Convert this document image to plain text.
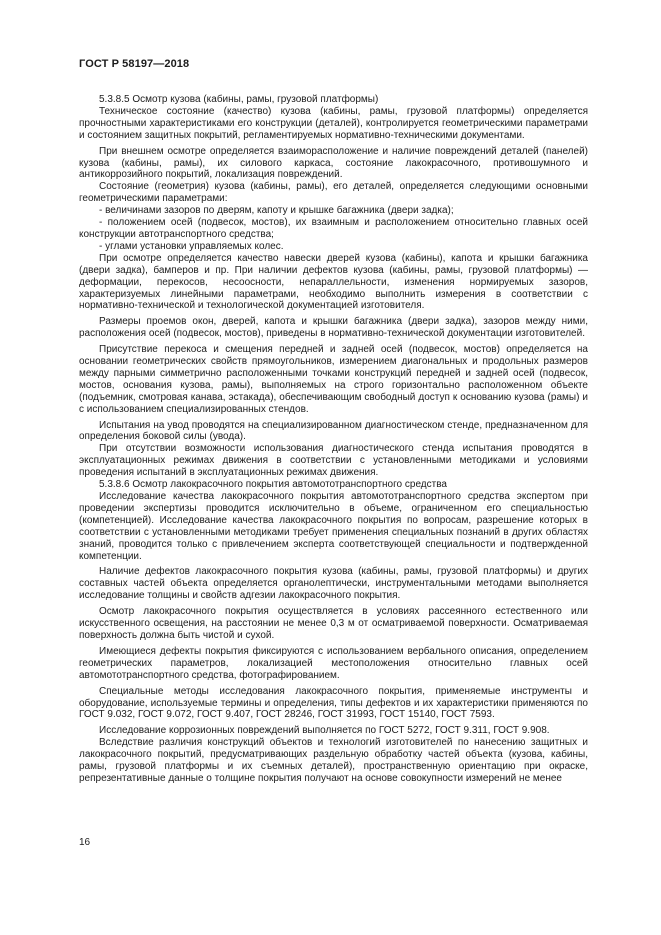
ГОСТ Р 58197—2018

5.3.8.5 Осмотр кузова (кабины, рамы, грузовой платформы)

Техническое состояние (качество) кузова (кабины, рамы, грузовой платформы) определяется прочностными характеристиками его конструкции (деталей), контролируется геометрическими параметрами и состоянием защитных покрытий, регламентируемых нормативно-техническими документами.

При внешнем осмотре определяется взаиморасположение и наличие повреждений деталей (панелей) кузова (кабины, рамы), их силового каркаса, состояние лакокрасочного, противошумного и антикоррозийного покрытий, локализация повреждений.

Состояние (геометрия) кузова (кабины, рамы), его деталей, определяется следующими основными геометрическими параметрами:

- величинами зазоров по дверям, капоту и крышке багажника (двери задка);

- положением осей (подвесок, мостов), их взаимным и расположением относительно главных осей конструкции автотранспортного средства;

- углами установки управляемых колес.

При осмотре определяется качество навески дверей кузова (кабины), капота и крышки багажника (двери задка), бамперов и пр. При наличии дефектов кузова (кабины, рамы, грузовой платформы) — деформации, перекосов, несоосности, непараллельности, изменения нормируемых зазоров, характеризуемых линейными параметрами, необходимо выполнить измерения в соответствии с нормативно-технической и технологической документацией изготовителя.

Размеры проемов окон, дверей, капота и крышки багажника (двери задка), зазоров между ними, расположения осей (подвесок, мостов), приведены в нормативно-технической документации изготовителей.

Присутствие перекоса и смещения передней и задней осей (подвесок, мостов) определяется на основании геометрических свойств прямоугольников, измерением диагональных и продольных размеров между парными симметрично расположенными точками конструкций передней и задней осей (подвесок, мостов, основания кузова, рамы), выполняемых на строго горизонтально расположенном объекте (подъемник, смотровая канава, эстакада), обеспечивающим свободный доступ к основанию кузова (рамы) и с использованием специализированных стендов.

Испытания на увод проводятся на специализированном диагностическом стенде, предназначенном для определения боковой силы (увода).

При отсутствии возможности использования диагностического стенда испытания проводятся в эксплуатационных режимах движения в соответствии с установленными методиками и условиями проведения испытаний в эксплуатационных режимах движения.

5.3.8.6 Осмотр лакокрасочного покрытия автомототранспортного средства

Исследование качества лакокрасочного покрытия автомототранспортного средства экспертом при проведении экспертизы проводится исключительно в объеме, ограниченном его специальностью (компетенцией). Исследование качества лакокрасочного покрытия по вопросам, разрешение которых в соответствии с установленными методиками требует применения специальных познаний в других областях знаний, проводится только с привлечением эксперта соответствующей специальности и подтвержденной компетенции.

Наличие дефектов лакокрасочного покрытия кузова (кабины, рамы, грузовой платформы) и других составных частей объекта определяется органолептически, инструментальными методами выполняется исследование толщины и свойств адгезии лакокрасочного покрытия.

Осмотр лакокрасочного покрытия осуществляется в условиях рассеянного естественного или искусственного освещения, на расстоянии не менее 0,3 м от осматриваемой поверхности. Осматриваемая поверхность должна быть чистой и сухой.

Имеющиеся дефекты покрытия фиксируются с использованием вербального описания, определением геометрических параметров, локализацией местоположения относительно главных осей автомототранспортного средства, фотографированием.

Специальные методы исследования лакокрасочного покрытия, применяемые инструменты и оборудование, используемые термины и определения, типы дефектов и их характеристики применяются по ГОСТ 9.032, ГОСТ 9.072, ГОСТ 9.407, ГОСТ 28246, ГОСТ 31993, ГОСТ 15140, ГОСТ 7593.

Исследование коррозионных повреждений выполняется по ГОСТ 5272, ГОСТ 9.311, ГОСТ 9.908.

Вследствие различия конструкций объектов и технологий изготовителей по нанесению защитных и лакокрасочного покрытий, предусматривающих раздельную обработку частей объекта (кузова, кабины, рамы, грузовой платформы и их съемных деталей), пространственную ориентацию при окраске, репрезентативные данные о толщине покрытия получают на основе совокупности измерений не менее

16
